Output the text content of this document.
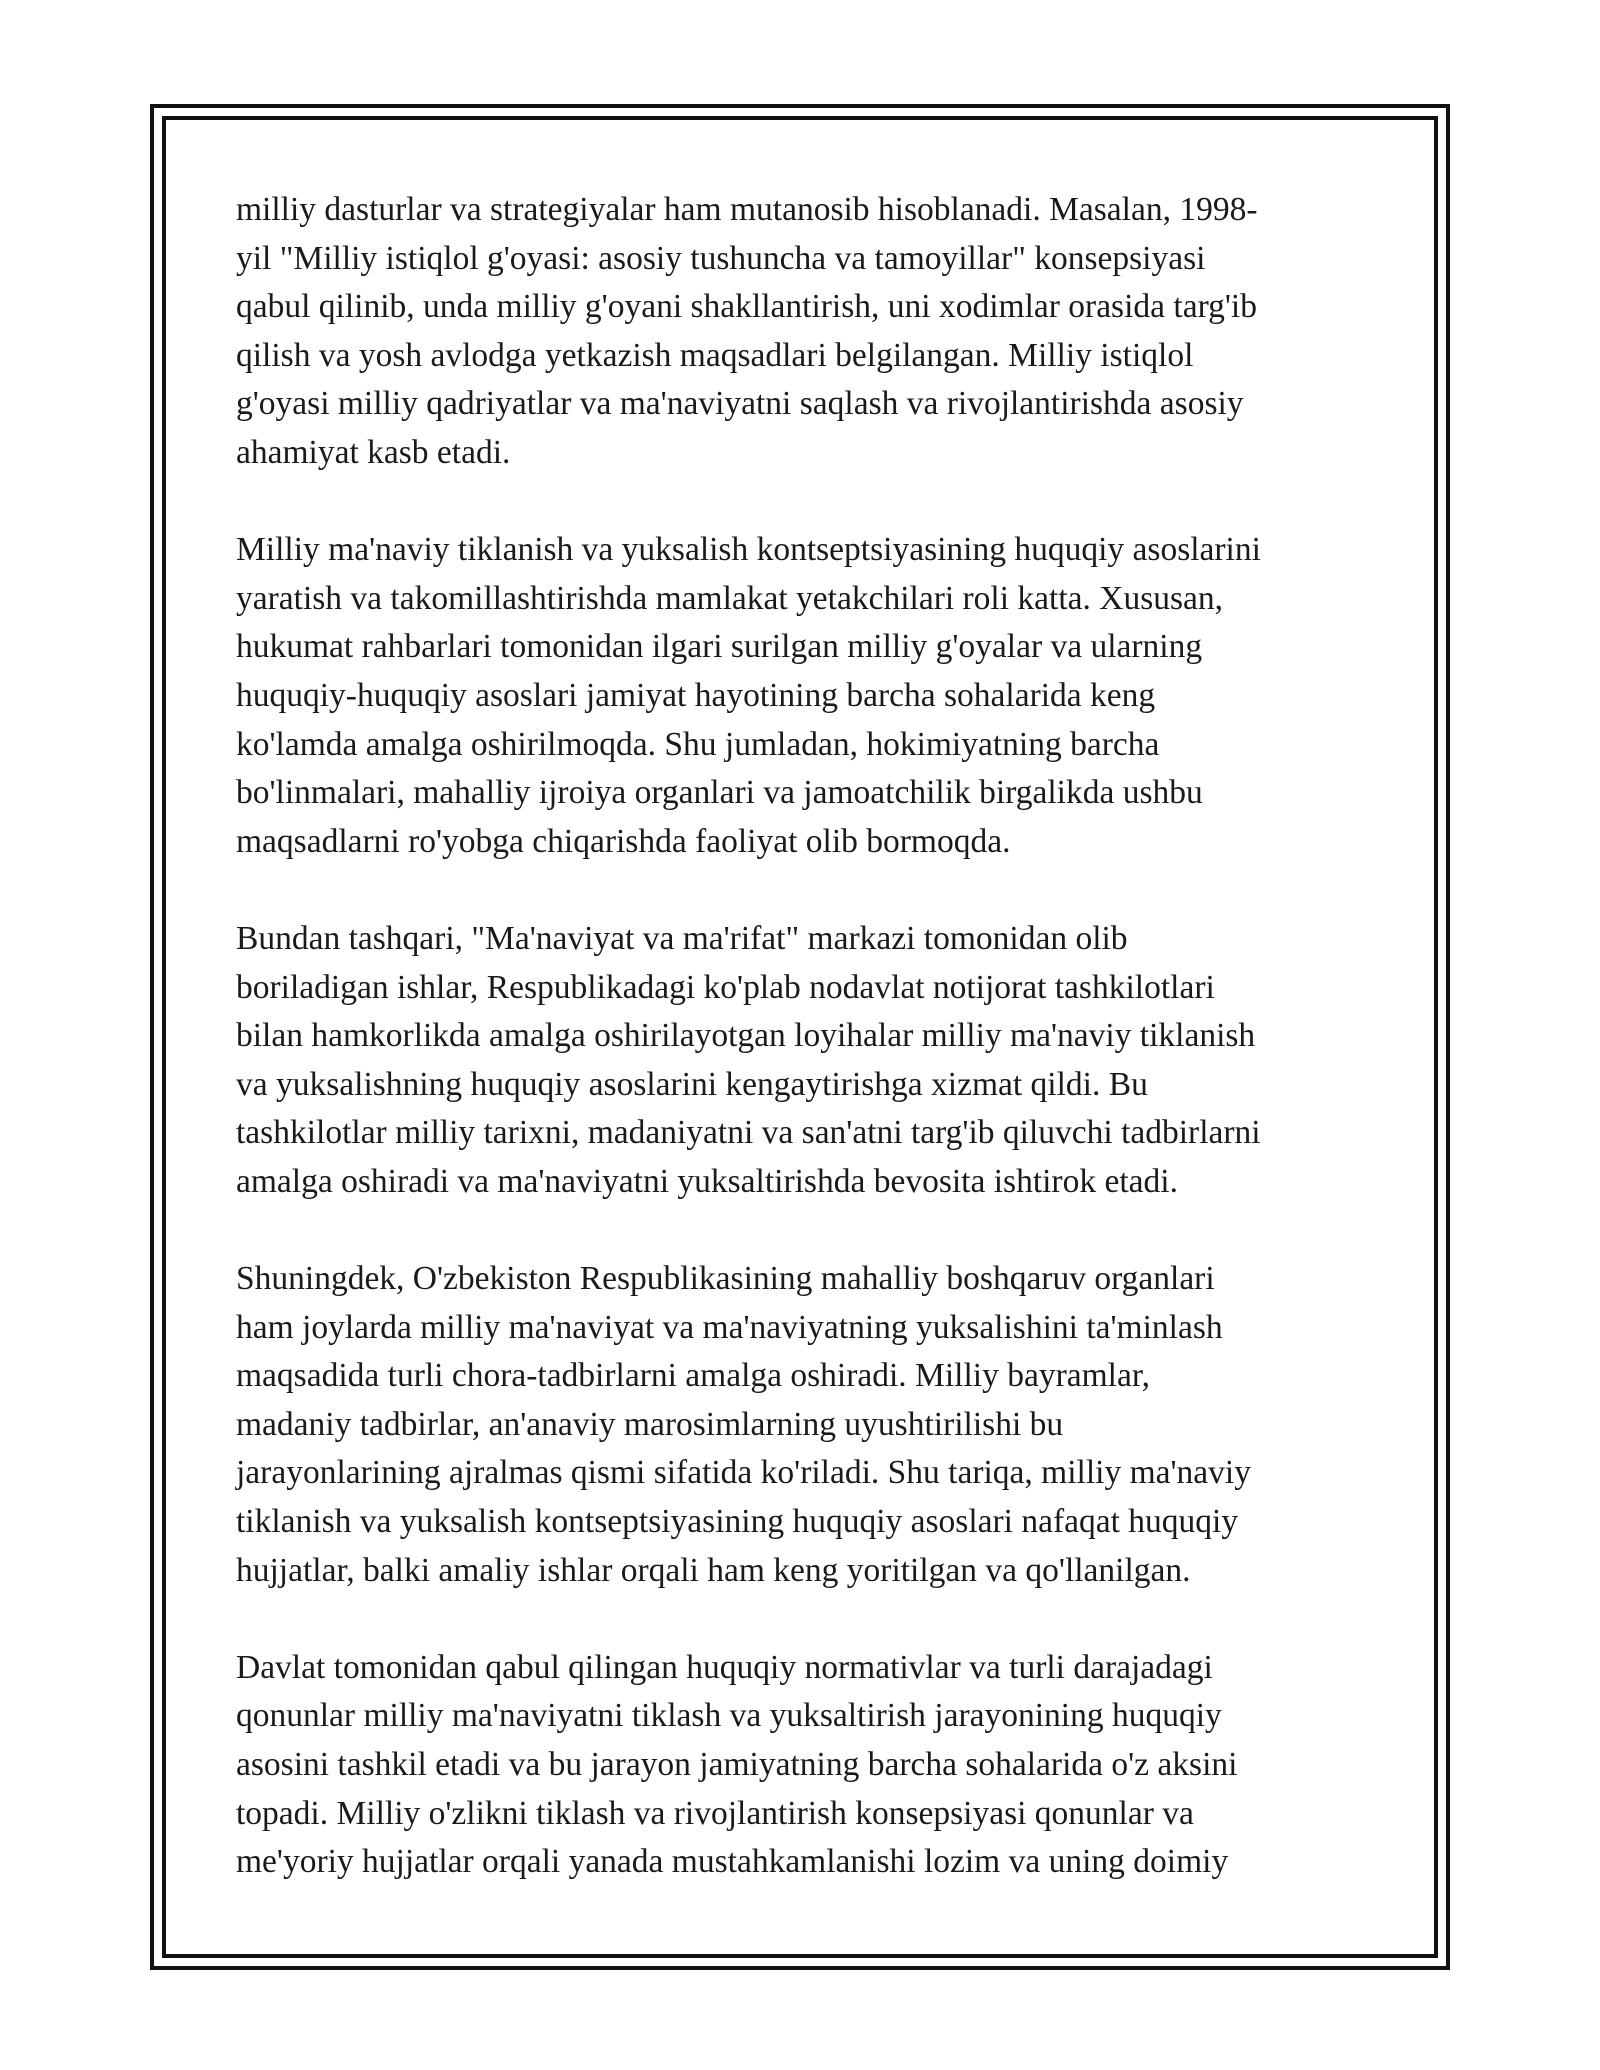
milliy dasturlar va strategiyalar ham mutanosib hisoblanadi. Masalan, 1998-
yil "Milliy istiqlol g'oyasi: asosiy tushuncha va tamoyillar" konsepsiyasi
qabul qilinib, unda milliy g'oyani shakllantirish, uni xodimlar orasida targ'ib
qilish va yosh avlodga yetkazish maqsadlari belgilangan. Milliy istiqlol
g'oyasi milliy qadriyatlar va ma'naviyatni saqlash va rivojlantirishda asosiy
ahamiyat kasb etadi.

Milliy ma'naviy tiklanish va yuksalish kontseptsiyasining huquqiy asoslarini
yaratish va takomillashtirishda mamlakat yetakchilari roli katta. Xususan,
hukumat rahbarlari tomonidan ilgari surilgan milliy g'oyalar va ularning
huquqiy-huquqiy asoslari jamiyat hayotining barcha sohalarida keng
ko'lamda amalga oshirilmoqda. Shu jumladan, hokimiyatning barcha
bo'linmalari, mahalliy ijroiya organlari va jamoatchilik birgalikda ushbu
maqsadlarni ro'yobga chiqarishda faoliyat olib bormoqda.

Bundan tashqari, "Ma'naviyat va ma'rifat" markazi tomonidan olib
boriladigan ishlar, Respublikadagi ko'plab nodavlat notijorat tashkilotlari
bilan hamkorlikda amalga oshirilayotgan loyihalar milliy ma'naviy tiklanish
va yuksalishning huquqiy asoslarini kengaytirishga xizmat qildi. Bu
tashkilotlar milliy tarixni, madaniyatni va san'atni targ'ib qiluvchi tadbirlarni
amalga oshiradi va ma'naviyatni yuksaltirishda bevosita ishtirok etadi.

Shuningdek, O'zbekiston Respublikasining mahalliy boshqaruv organlari
ham joylarda milliy ma'naviyat va ma'naviyatning yuksalishini ta'minlash
maqsadida turli chora-tadbirlarni amalga oshiradi. Milliy bayramlar,
madaniy tadbirlar, an'anaviy marosimlarning uyushtirilishi bu
jarayonlarining ajralmas qismi sifatida ko'riladi. Shu tariqa, milliy ma'naviy
tiklanish va yuksalish kontseptsiyasining huquqiy asoslari nafaqat huquqiy
hujjatlar, balki amaliy ishlar orqali ham keng yoritilgan va qo'llanilgan.

Davlat tomonidan qabul qilingan huquqiy normativlar va turli darajadagi
qonunlar milliy ma'naviyatni tiklash va yuksaltirish jarayonining huquqiy
asosini tashkil etadi va bu jarayon jamiyatning barcha sohalarida o'z aksini
topadi. Milliy o'zlikni tiklash va rivojlantirish konsepsiyasi qonunlar va
me'yoriy hujjatlar orqali yanada mustahkamlanishi lozim va uning doimiy
